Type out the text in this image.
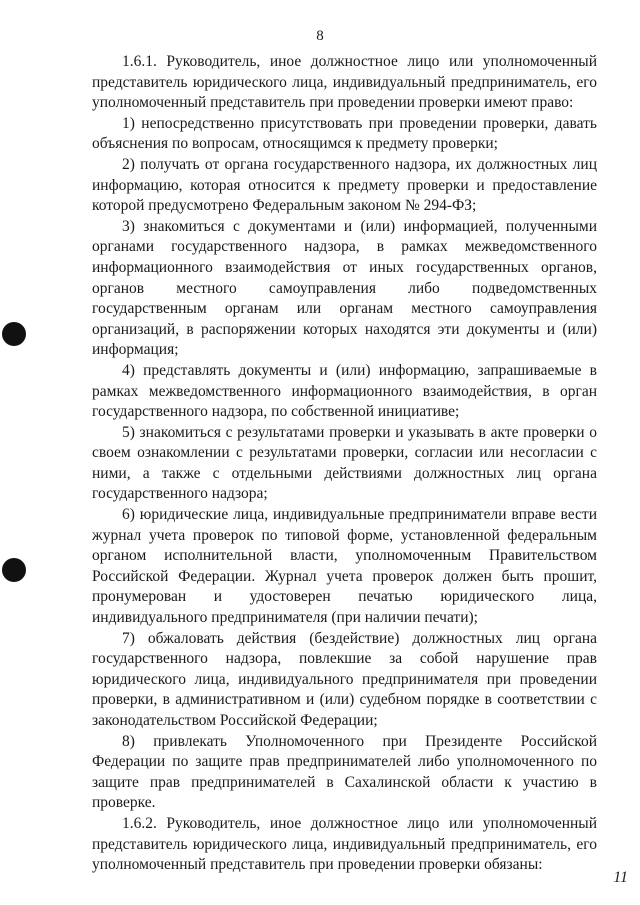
8

1.6.1. Руководитель, иное должностное лицо или уполномоченный представитель юридического лица, индивидуальный предприниматель, его уполномоченный представитель при проведении проверки имеют право:

1) непосредственно присутствовать при проведении проверки, давать объяснения по вопросам, относящимся к предмету проверки;

2) получать от органа государственного надзора, их должностных лиц информацию, которая относится к предмету проверки и предоставление которой предусмотрено Федеральным законом № 294-ФЗ;

3) знакомиться с документами и (или) информацией, полученными органами государственного надзора, в рамках межведомственного информационного взаимодействия от иных государственных органов, органов местного самоуправления либо подведомственных государственным органам или органам местного самоуправления организаций, в распоряжении которых находятся эти документы и (или) информация;

4) представлять документы и (или) информацию, запрашиваемые в рамках межведомственного информационного взаимодействия, в орган государственного надзора, по собственной инициативе;

5) знакомиться с результатами проверки и указывать в акте проверки о своем ознакомлении с результатами проверки, согласии или несогласии с ними, а также с отдельными действиями должностных лиц органа государственного надзора;

6) юридические лица, индивидуальные предприниматели вправе вести журнал учета проверок по типовой форме, установленной федеральным органом исполнительной власти, уполномоченным Правительством Российской Федерации. Журнал учета проверок должен быть прошит, пронумерован и удостоверен печатью юридического лица, индивидуального предпринимателя (при наличии печати);

7) обжаловать действия (бездействие) должностных лиц органа государственного надзора, повлекшие за собой нарушение прав юридического лица, индивидуального предпринимателя при проведении проверки, в административном и (или) судебном порядке в соответствии с законодательством Российской Федерации;

8) привлекать Уполномоченного при Президенте Российской Федерации по защите прав предпринимателей либо уполномоченного по защите прав предпринимателей в Сахалинской области к участию в проверке.

1.6.2. Руководитель, иное должностное лицо или уполномоченный представитель юридического лица, индивидуальный предприниматель, его уполномоченный представитель при проведении проверки обязаны:

11
